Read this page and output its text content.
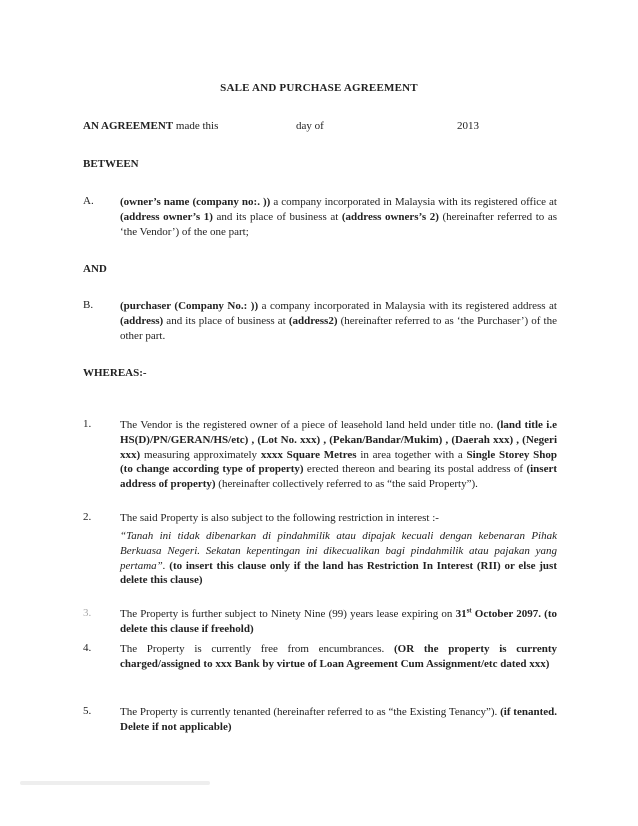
SALE AND PURCHASE AGREEMENT
AN AGREEMENT made this	day of	2013
BETWEEN
A. (owner’s name (company no:. )) a company incorporated in Malaysia with its registered office at (address owner’s 1) and its place of business at (address owners’s 2) (hereinafter referred to as ‘the Vendor’) of the one part;
AND
B. (purchaser (Company No.: )) a company incorporated in Malaysia with its registered address at (address) and its place of business at (address2) (hereinafter referred to as ‘the Purchaser’) of the other part.
WHEREAS:-
1.	The Vendor is the registered owner of a piece of leasehold land held under title no. (land title i.e HS(D)/PN/GERAN/HS/etc) , (Lot No. xxx) , (Pekan/Bandar/Mukim) , (Daerah xxx) , (Negeri xxx) measuring approximately xxxx Square Metres in area together with a Single Storey Shop (to change according type of property) erected thereon and bearing its postal address of (insert address of property) (hereinafter collectively referred to as “the said Property”).
2.	The said Property is also subject to the following restriction in interest :-
“Tanah ini tidak dibenarkan di pindahmilik atau dipajak kecuali dengan kebenaran Pihak Berkuasa Negeri. Sekatan kepentingan ini dikecualikan bagi pindahmilik atau pajakan yang pertama”. (to insert this clause only if the land has Restriction In Interest (RII) or else just delete this clause)
3.	The Property is further subject to Ninety Nine (99) years lease expiring on 31st October 2097. (to delete this clause if freehold)
4.	The Property is currently free from encumbrances. (OR the property is currenty charged/assigned to xxx Bank by virtue of Loan Agreement Cum Assignment/etc dated xxx)
5.	The Property is currently tenanted (hereinafter referred to as “the Existing Tenancy”). (if tenanted. Delete if not applicable)
